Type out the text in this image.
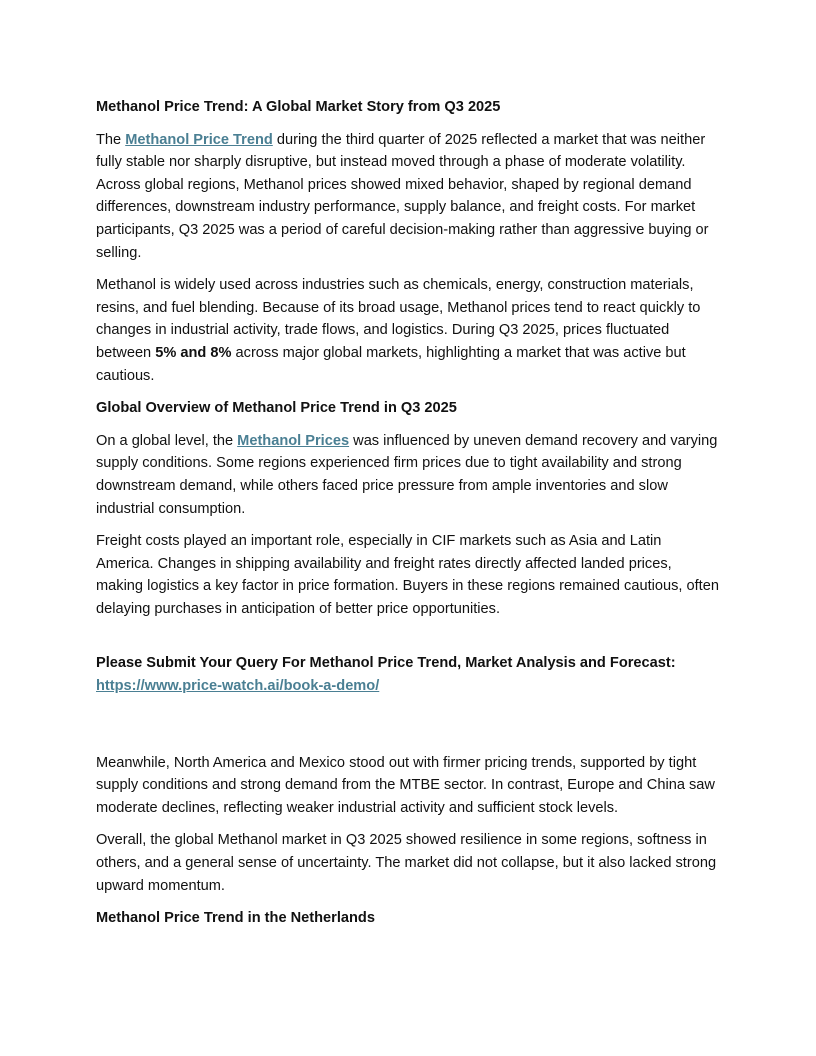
Methanol Price Trend: A Global Market Story from Q3 2025

The Methanol Price Trend during the third quarter of 2025 reflected a market that was neither fully stable nor sharply disruptive, but instead moved through a phase of moderate volatility. Across global regions, Methanol prices showed mixed behavior, shaped by regional demand differences, downstream industry performance, supply balance, and freight costs. For market participants, Q3 2025 was a period of careful decision-making rather than aggressive buying or selling.

Methanol is widely used across industries such as chemicals, energy, construction materials, resins, and fuel blending. Because of its broad usage, Methanol prices tend to react quickly to changes in industrial activity, trade flows, and logistics. During Q3 2025, prices fluctuated between 5% and 8% across major global markets, highlighting a market that was active but cautious.

Global Overview of Methanol Price Trend in Q3 2025

On a global level, the Methanol Prices was influenced by uneven demand recovery and varying supply conditions. Some regions experienced firm prices due to tight availability and strong downstream demand, while others faced price pressure from ample inventories and slow industrial consumption.

Freight costs played an important role, especially in CIF markets such as Asia and Latin America. Changes in shipping availability and freight rates directly affected landed prices, making logistics a key factor in price formation. Buyers in these regions remained cautious, often delaying purchases in anticipation of better price opportunities.

Please Submit Your Query For Methanol Price Trend, Market Analysis and Forecast: https://www.price-watch.ai/book-a-demo/

Meanwhile, North America and Mexico stood out with firmer pricing trends, supported by tight supply conditions and strong demand from the MTBE sector. In contrast, Europe and China saw moderate declines, reflecting weaker industrial activity and sufficient stock levels.

Overall, the global Methanol market in Q3 2025 showed resilience in some regions, softness in others, and a general sense of uncertainty. The market did not collapse, but it also lacked strong upward momentum.

Methanol Price Trend in the Netherlands
